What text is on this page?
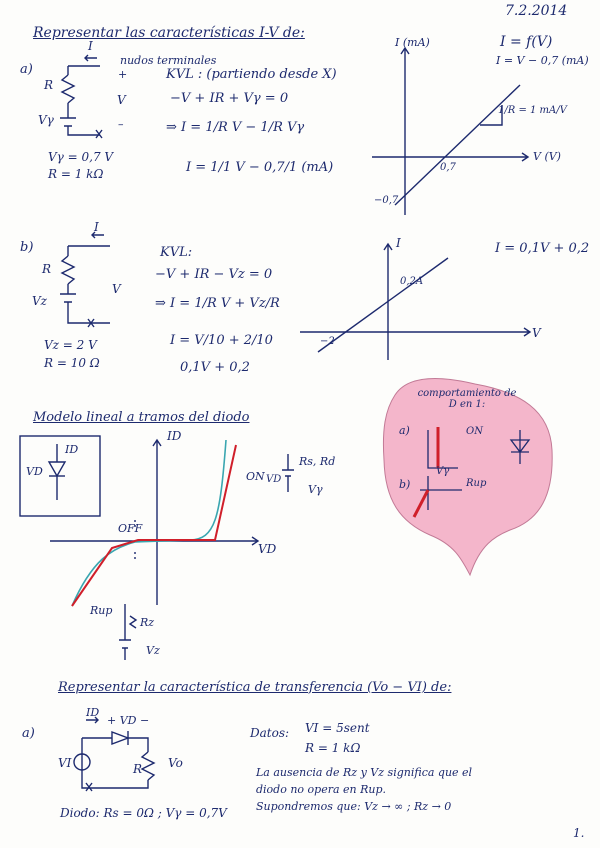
7.2.2014
1.
Representar las características I-V de:
a)
I
nudos terminales
+
–
R
V
Vγ
Vγ = 0,7 V
R = 1 kΩ
KVL : (partiendo desde X)
−V + IR + Vγ = 0
⇒ I = 1/R V − 1/R Vγ
I = 1/1 V − 0,7/1 (mA)
I = f(V)
I = V − 0,7 (mA)
I (mA)
V (V)
0,7
−0,7
1/R = 1 mA/V
b)
I
R
V
Vz
Vz = 2 V
R = 10 Ω
KVL:
−V + IR − Vz = 0
⇒ I = 1/R V + Vz/R
I = V/10 + 2/10
0,1V + 0,2
I = 0,1V + 0,2
I
V
0,2A
−2
Modelo lineal a tramos del diodo
ID
VD
ID
VD	ON
Rs, Rd
Vγ
VD
OFF
Rup
Rz
Vz
comportamiento de D en 1:
a)	ON
Vγ
b)	Rup
Representar la característica de transferencia (Vo − VI) de:
a)
ID
+ VD −
VI	R Vo
Diodo: Rs = 0Ω ; Vγ = 0,7V
Datos: VI = 5sent
R = 1 kΩ
La ausencia de Rz y Vz significa que el
diodo no opera en Rup.
Supondremos que: Vz → ∞ ; Rz → 0
